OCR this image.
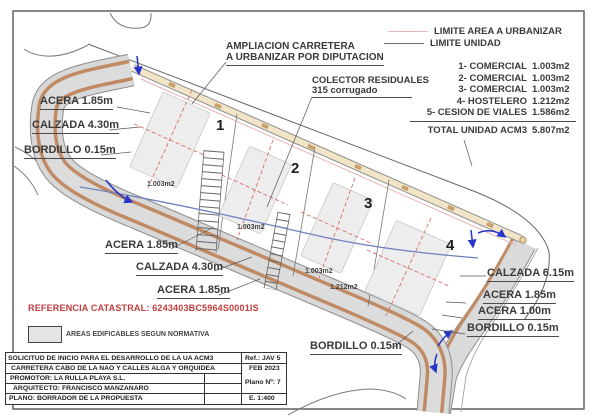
ACERA 1.85m
CALZADA 4.30m
BORDILLO 0.15m
AMPLIACION CARRETERA
A URBANIZAR POR DIPUTACION
COLECTOR RESIDUALES
315 corrugado
LIMITE AREA A URBANIZAR
LIMITE UNIDAD
1- COMERCIAL 1.003m2
2- COMERCIAL 1.003m2
3- COMERCIAL 1.003m2
4- HOSTELERO 1.212m2
5- CESION DE VIALES 1.586m2
TOTAL UNIDAD ACM3 5.807m2
ACERA 1.85m
CALZADA 4.30m
ACERA 1.85m
CALZADA 6.15m
ACERA 1.85m
ACERA 1.00m
BORDILLO 0.15m
BORDILLO 0.15m
1
2
3
4
1.003m2
1.003m2
1.003m2
1.212m2
REFERENCIA CATASTRAL: 6243403BC5964S0001IS
AREAS EDIFICABLES SEGUN NORMATIVA
SOLICITUD DE INICIO PARA EL DESARROLLO DE LA UA ACM3
CARRETERA CABO DE LA NAO Y CALLES ALGA Y ORQUIDEA
PROMOTOR: LA RULLA PLAYA S.L.
ARQUITECTO: FRANCISCO MANZANARO
PLANO: BORRADOR DE LA PROPUESTA
Ref.: JAV 5
FEB 2023
Plano Nº: 7
E. 1:400
